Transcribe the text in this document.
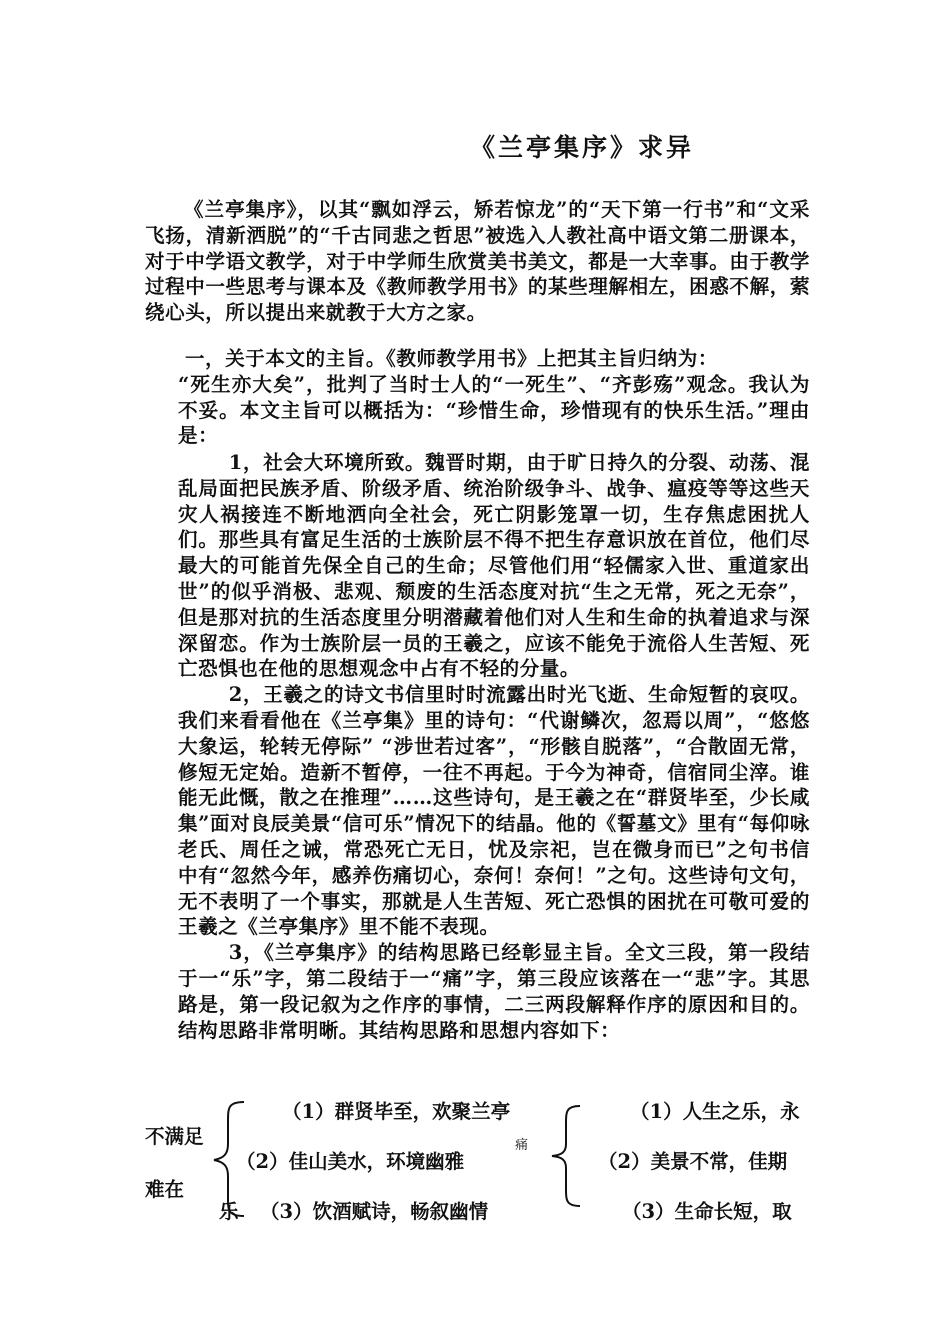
《兰亭集序》求异
《兰亭集序》，以其“飘如浮云，矫若惊龙”的“天下第一行书”和“文采飞扬，清新洒脱”的“千古同悲之哲思”被选入人教社高中语文第二册课本，对于中学语文教学，对于中学师生欣赏美书美文，都是一大幸事。由于教学过程中一些思考与课本及《教师教学用书》的某些理解相左，困惑不解，萦绕心头，所以提出来就教于大方之家。

一，关于本文的主旨。《教师教学用书》上把其主旨归纳为：

“死生亦大矣”，批判了当时士人的“一死生”、“齐彭殇”观念。我认为不妥。本文主旨可以概括为：“珍惜生命，珍惜现有的快乐生活。”理由是：

1，社会大环境所致。魏晋时期，由于旷日持久的分裂、动荡、混乱局面把民族矛盾、阶级矛盾、统治阶级争斗、战争、瘟疫等等这些天灾人祸接连不断地洒向全社会，死亡阴影笼罩一切，生存焦虑困扰人们。那些具有富足生活的士族阶层不得不把生存意识放在首位，他们尽最大的可能首先保全自己的生命；尽管他们用“轻儒家入世、重道家出世”的似乎消极、悲观、颓废的生活态度对抗“生之无常，死之无奈”，但是那对抗的生活态度里分明潜藏着他们对人生和生命的执着追求与深深留恋。作为士族阶层一员的王羲之，应该不能免于流俗人生苦短、死亡恐惧也在他的思想观念中占有不轻的分量。

2，王羲之的诗文书信里时时流露出时光飞逝、生命短暂的哀叹。我们来看看他在《兰亭集》里的诗句：“代谢鳞次，忽焉以周”，“悠悠大象运，轮转无停际” “涉世若过客”，“形骸自脱落”，“合散固无常，修短无定始。造新不暂停，一往不再起。于今为神奇，信宿同尘滓。谁能无此慨，散之在推理”……这些诗句，是王羲之在“群贤毕至，少长咸集”面对良辰美景“信可乐”情况下的结晶。他的《誓墓文》里有“每仰咏老氏、周任之诫，常恐死亡无日，忧及宗祀，岂在微身而已”之句书信中有“忽然今年，感养伤痛切心，奈何！奈何！”之句。这些诗句文句，无不表明了一个事实，那就是人生苦短、死亡恐惧的困扰在可敬可爱的王羲之《兰亭集序》里不能不表现。

3，《兰亭集序》的结构思路已经彰显主旨。全文三段，第一段结于一“乐”字，第二段结于一“痛”字，第三段应该落在一“悲”字。其思路是，第一段记叙为之作序的事情，二三两段解释作序的原因和目的。结构思路非常明晰。其结构思路和思想内容如下：

不满足
难在
乐
痛
（1）群贤毕至，欢聚兰亭
（2）佳山美水，环境幽雅
（3）饮酒赋诗，畅叙幽情
（1）人生之乐，永
（2）美景不常，佳期
（3）生命长短，取
